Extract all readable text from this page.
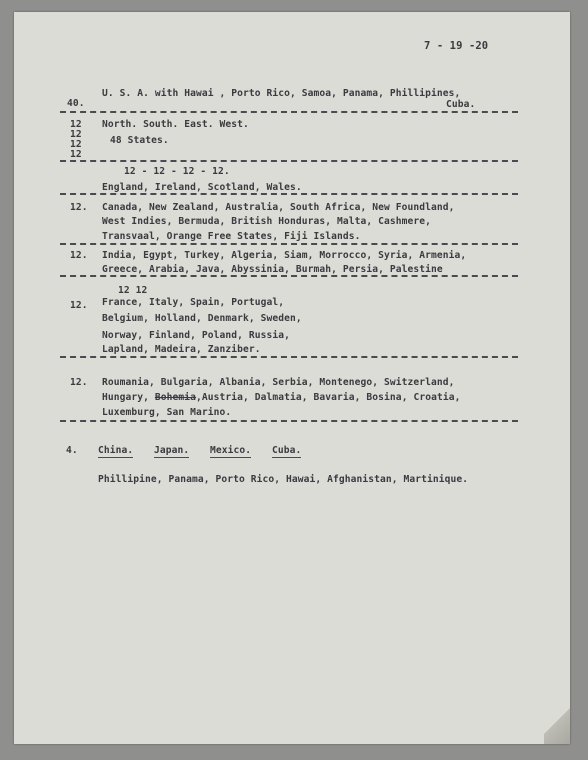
7 - 19 -20
U. S. A. with Hawai , Porto Rico, Samoa, Panama, Phillipines,
40.	Cuba.
12 North. South. East. West.
12
48 States.
12
12
12 - 12 - 12 - 12.
England, Ireland, Scotland, Wales.
12. Canada, New Zealand, Australia, South Africa, New Foundland,
West Indies, Bermuda, British Honduras, Malta, Cashmere,
Transvaal, Orange Free States, Fiji Islands.
12. India, Egypt, Turkey, Algeria, Siam, Morrocco, Syria, Armenia,
Greece, Arabia, Java, Abyssinia, Burmah, Persia, Palestine
12 12
12. France, Italy, Spain, Portugal,
Belgium, Holland, Denmark, Sweden,
Norway, Finland, Poland, Russia,
Lapland, Madeira, Zanziber.
12. Roumania, Bulgaria, Albania, Serbia, Montenego, Switzerland,
Hungary, Bohemia,Austria, Dalmatia, Bavaria, Bosina, Croatia,
Luxemburg, San Marino.
4. China. Japan. Mexico. Cuba.
Phillipine, Panama, Porto Rico, Hawai, Afghanistan, Martinique.
